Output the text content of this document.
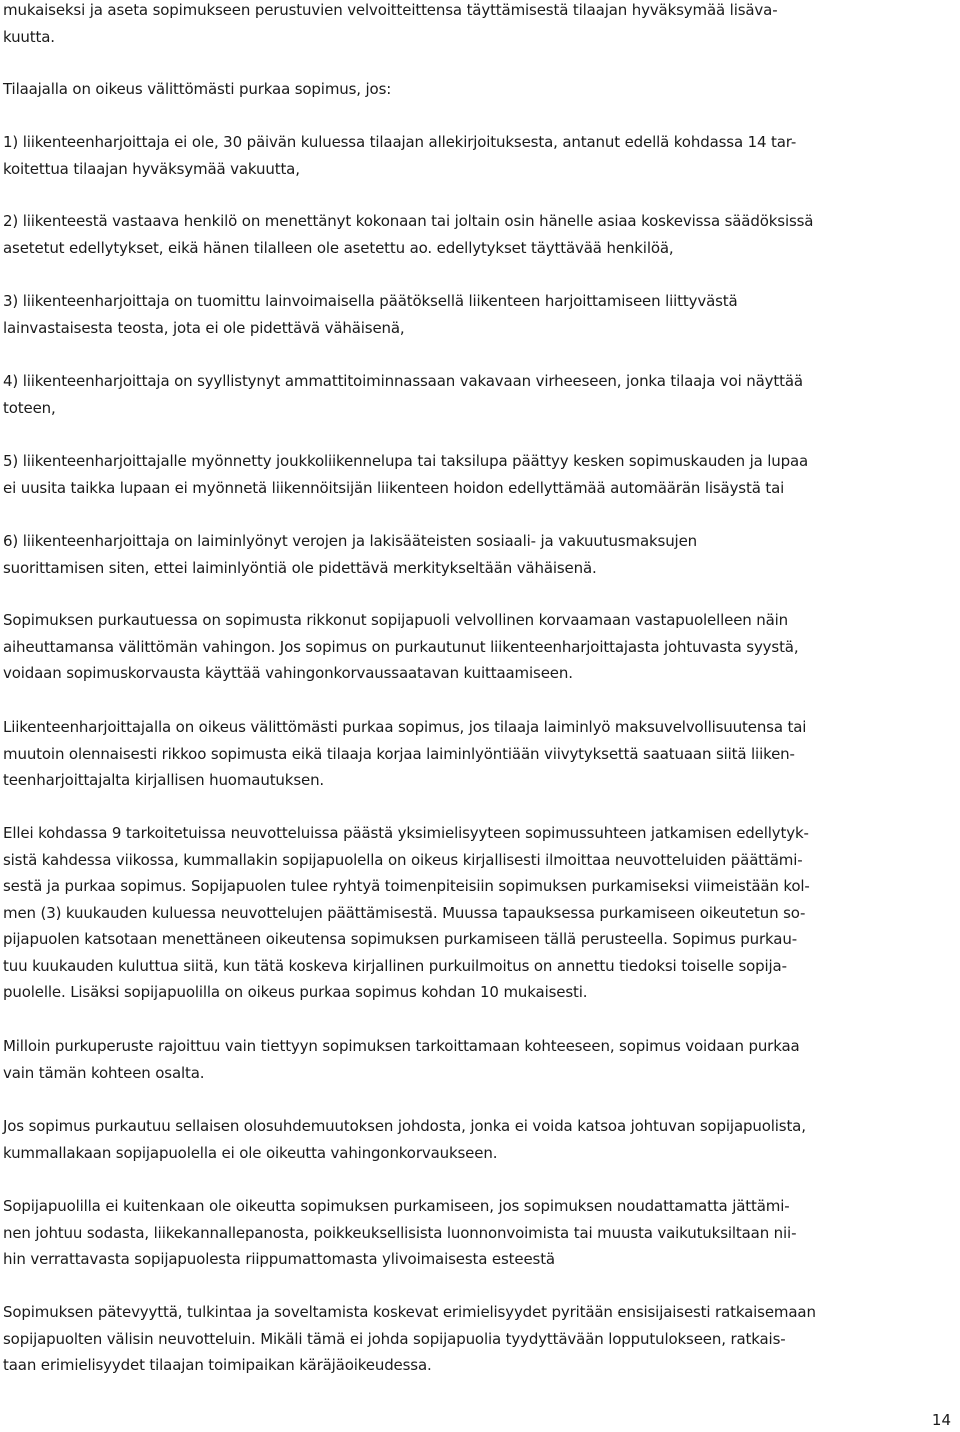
mukaiseksi ja aseta sopimukseen perustuvien velvoitteittensa täyttämisestä tilaajan hyväksymää lisäva-
kuutta.

Tilaajalla on oikeus välittömästi purkaa sopimus, jos:

1) liikenteenharjoittaja ei ole, 30 päivän kuluessa tilaajan allekirjoituksesta, antanut edellä kohdassa 14 tar-
koitettua tilaajan hyväksymää vakuutta,

2) liikenteestä vastaava henkilö on menettänyt kokonaan tai joltain osin hänelle asiaa koskevissa säädöksissä
asetetut edellytykset, eikä hänen tilalleen ole asetettu ao. edellytykset täyttävää henkilöä,

3) liikenteenharjoittaja on tuomittu lainvoimaisella päätöksellä liikenteen harjoittamiseen liittyvästä
lainvastaisesta teosta, jota ei ole pidettävä vähäisenä,

4) liikenteenharjoittaja on syyllistynyt ammattitoiminnassaan vakavaan virheeseen, jonka tilaaja voi näyttää
toteen,

5) liikenteenharjoittajalle myönnetty joukkoliikennelupa tai taksilupa päättyy kesken sopimuskauden ja lupaa
ei uusita taikka lupaan ei myönnetä liikennöitsijän liikenteen hoidon edellyttämää automäärän lisäystä tai

6) liikenteenharjoittaja on laiminlyönyt verojen ja lakisääteisten sosiaali- ja vakuutusmaksujen
suorittamisen siten, ettei laiminlyöntiä ole pidettävä merkitykseltään vähäisenä.

Sopimuksen purkautuessa on sopimusta rikkonut sopijapuoli velvollinen korvaamaan vastapuolelleen näin
aiheuttamansa välittömän vahingon. Jos sopimus on purkautunut liikenteenharjoittajasta johtuvasta syystä,
voidaan sopimuskorvausta käyttää vahingonkorvaussaatavan kuittaamiseen.

Liikenteenharjoittajalla on oikeus välittömästi purkaa sopimus, jos tilaaja laiminlyö maksuvelvollisuutensa tai
muutoin olennaisesti rikkoo sopimusta eikä tilaaja korjaa laiminlyöntiään viivytyksettä saatuaan siitä liiken-
teenharjoittajalta kirjallisen huomautuksen.

Ellei kohdassa 9 tarkoitetuissa neuvotteluissa päästä yksimielisyyteen sopimussuhteen jatkamisen edellytyk-
sistä kahdessa viikossa, kummallakin sopijapuolella on oikeus kirjallisesti ilmoittaa neuvotteluiden päättämi-
sestä ja purkaa sopimus. Sopijapuolen tulee ryhtyä toimenpiteisiin sopimuksen purkamiseksi viimeistään kol-
men (3) kuukauden kuluessa neuvottelujen päättämisestä. Muussa tapauksessa purkamiseen oikeutetun so-
pijapuolen katsotaan menettäneen oikeutensa sopimuksen purkamiseen tällä perusteella. Sopimus purkau-
tuu kuukauden kuluttua siitä, kun tätä koskeva kirjallinen purkuilmoitus on annettu tiedoksi toiselle sopija-
puolelle. Lisäksi sopijapuolilla on oikeus purkaa sopimus kohdan 10 mukaisesti.

Milloin purkuperuste rajoittuu vain tiettyyn sopimuksen tarkoittamaan kohteeseen, sopimus voidaan purkaa
vain tämän kohteen osalta.

Jos sopimus purkautuu sellaisen olosuhdemuutoksen johdosta, jonka ei voida katsoa johtuvan sopijapuolista,
kummallakaan sopijapuolella ei ole oikeutta vahingonkorvaukseen.

Sopijapuolilla ei kuitenkaan ole oikeutta sopimuksen purkamiseen, jos sopimuksen noudattamatta jättämi-
nen johtuu sodasta, liikekannallepanosta, poikkeuksellisista luonnonvoimista tai muusta vaikutuksiltaan nii-
hin verrattavasta sopijapuolesta riippumattomasta ylivoimaisesta esteestä

Sopimuksen pätevyyttä, tulkintaa ja soveltamista koskevat erimielisyydet pyritään ensisijaisesti ratkaisemaan
sopijapuolten välisin neuvotteluin. Mikäli tämä ei johda sopijapuolia tyydyttävään lopputulokseen, ratkais-
taan erimielisyydet tilaajan toimipaikan käräjäoikeudessa.

14
